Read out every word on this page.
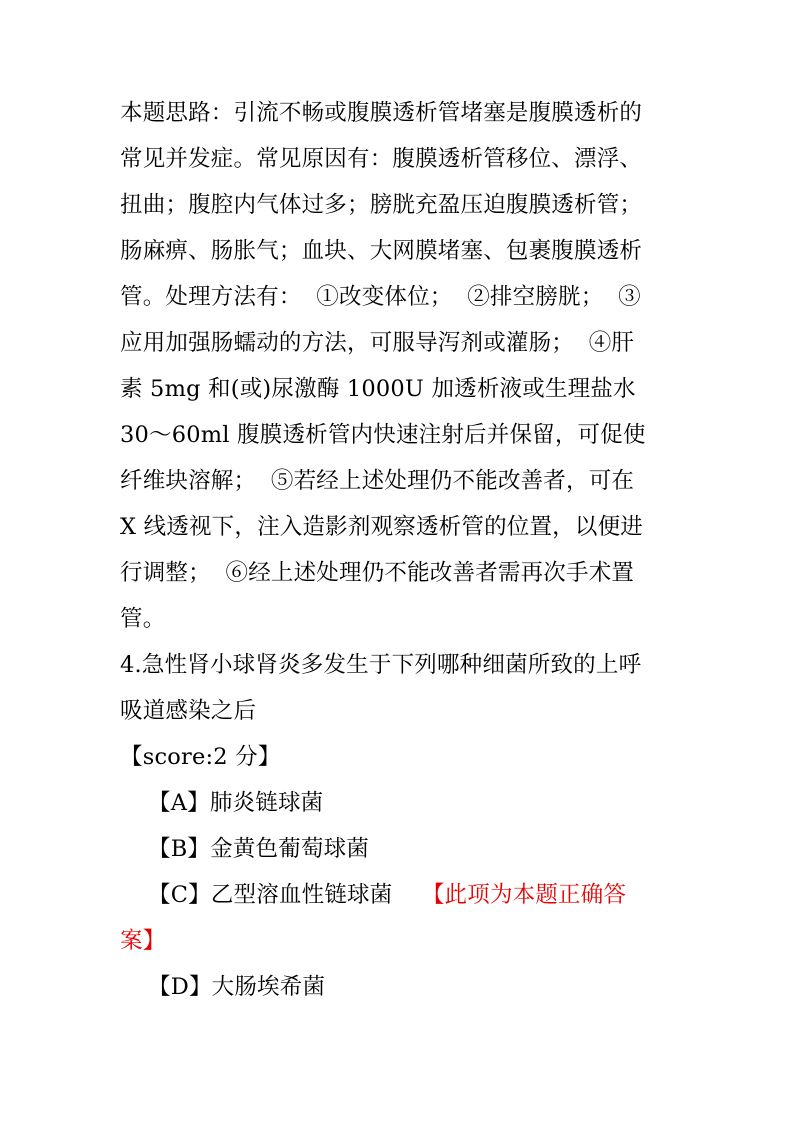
本题思路：引流不畅或腹膜透析管堵塞是腹膜透析的
常见并发症。常见原因有：腹膜透析管移位、漂浮、
扭曲；腹腔内气体过多；膀胱充盈压迫腹膜透析管；
肠麻痹、肠胀气；血块、大网膜堵塞、包裹腹膜透析
管。处理方法有：  ①改变体位；  ②排空膀胱；  ③
应用加强肠蠕动的方法，可服导泻剂或灌肠；  ④肝
素 5mg 和(或)尿激酶 1000U 加透析液或生理盐水
30～60ml 腹膜透析管内快速注射后并保留，可促使
纤维块溶解；  ⑤若经上述处理仍不能改善者，可在
X 线透视下，注入造影剂观察透析管的位置，以便进
行调整；  ⑥经上述处理仍不能改善者需再次手术置
管。
4.急性肾小球肾炎多发生于下列哪种细菌所致的上呼
吸道感染之后
【score:2 分】
【A】肺炎链球菌
【B】金黄色葡萄球菌
【C】乙型溶血性链球菌 【此项为本题正确答
案】
【D】大肠埃希菌
